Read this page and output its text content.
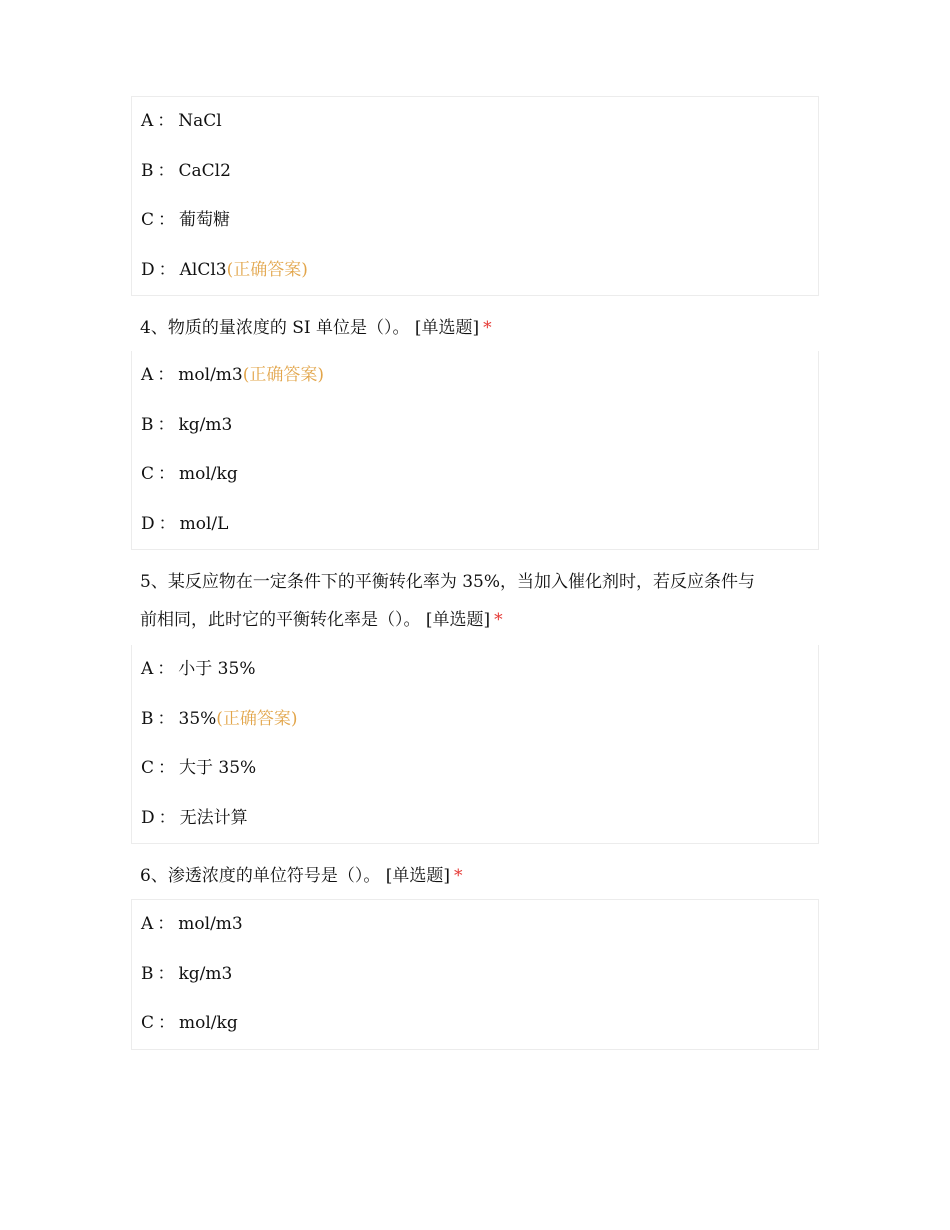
A ： NaCl
B ： CaCl2
C ： 葡萄糖
D ： AlCl3(正确答案)
4、物质的量浓度的 SI 单位是（）。 [单选题] *
A ： mol/m3(正确答案)
B ： kg/m3
C ： mol/kg
D ： mol/L
5、某反应物在一定条件下的平衡转化率为 35%，当加入催化剂时，若反应条件与
前相同，此时它的平衡转化率是（）。 [单选题] *
A ： 小于 35%
B ： 35%(正确答案)
C ： 大于 35%
D ： 无法计算
6、渗透浓度的单位符号是（）。 [单选题] *
A ： mol/m3
B ： kg/m3
C ： mol/kg
